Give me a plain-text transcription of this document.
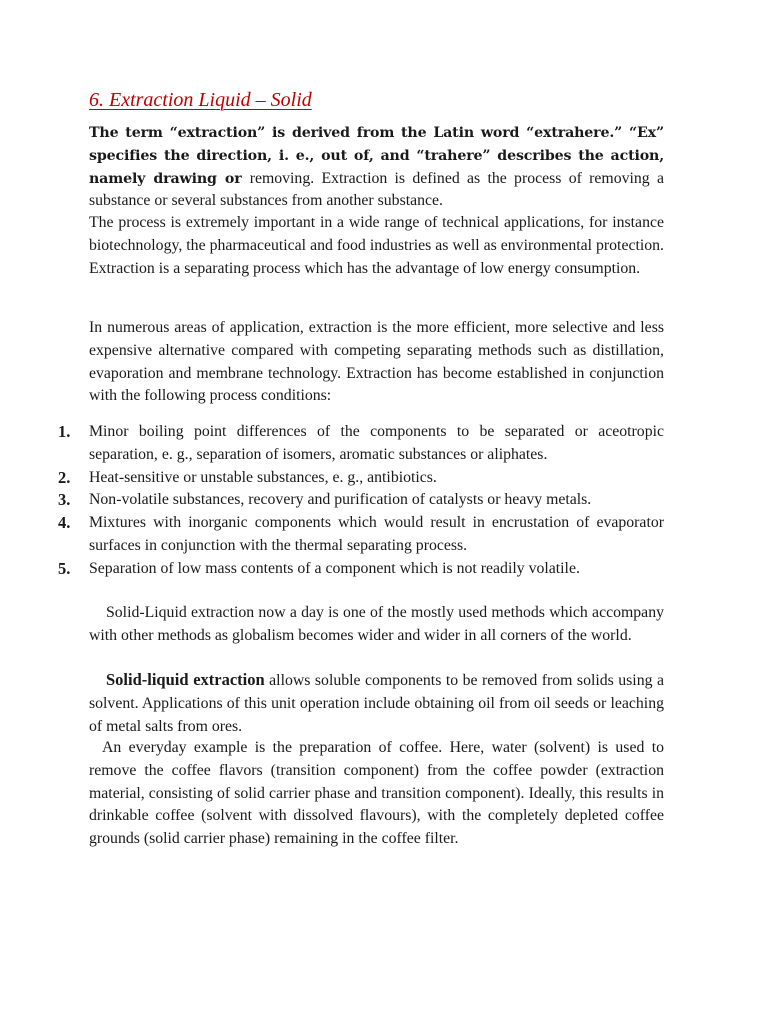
6. Extraction Liquid – Solid

The term “extraction” is derived from the Latin word “extrahere.” “Ex” specifies the direction, i. e., out of, and “trahere” describes the action, namely drawing or removing. Extraction is defined as the process of removing a substance or several substances from another substance.

The process is extremely important in a wide range of technical applications, for instance biotechnology, the pharmaceutical and food industries as well as environmental protection. Extraction is a separating process which has the advantage of low energy consumption.

In numerous areas of application, extraction is the more efficient, more selective and less expensive alternative compared with competing separating methods such as distillation, evaporation and membrane technology. Extraction has become established in conjunction with the following process conditions:

1. Minor boiling point differences of the components to be separated or aceotropic separation, e. g., separation of isomers, aromatic substances or aliphates.
2. Heat-sensitive or unstable substances, e. g., antibiotics.
3. Non-volatile substances, recovery and purification of catalysts or heavy metals.
4. Mixtures with inorganic components which would result in encrustation of evaporator surfaces in conjunction with the thermal separating process.
5. Separation of low mass contents of a component which is not readily volatile.

Solid-Liquid extraction now a day is one of the mostly used methods which accompany with other methods as globalism becomes wider and wider in all corners of the world.

Solid-liquid extraction allows soluble components to be removed from solids using a solvent. Applications of this unit operation include obtaining oil from oil seeds or leaching of metal salts from ores.

An everyday example is the preparation of coffee. Here, water (solvent) is used to remove the coffee flavors (transition component) from the coffee powder (extraction material, consisting of solid carrier phase and transition component). Ideally, this results in drinkable coffee (solvent with dissolved flavours), with the completely depleted coffee grounds (solid carrier phase) remaining in the coffee filter.
